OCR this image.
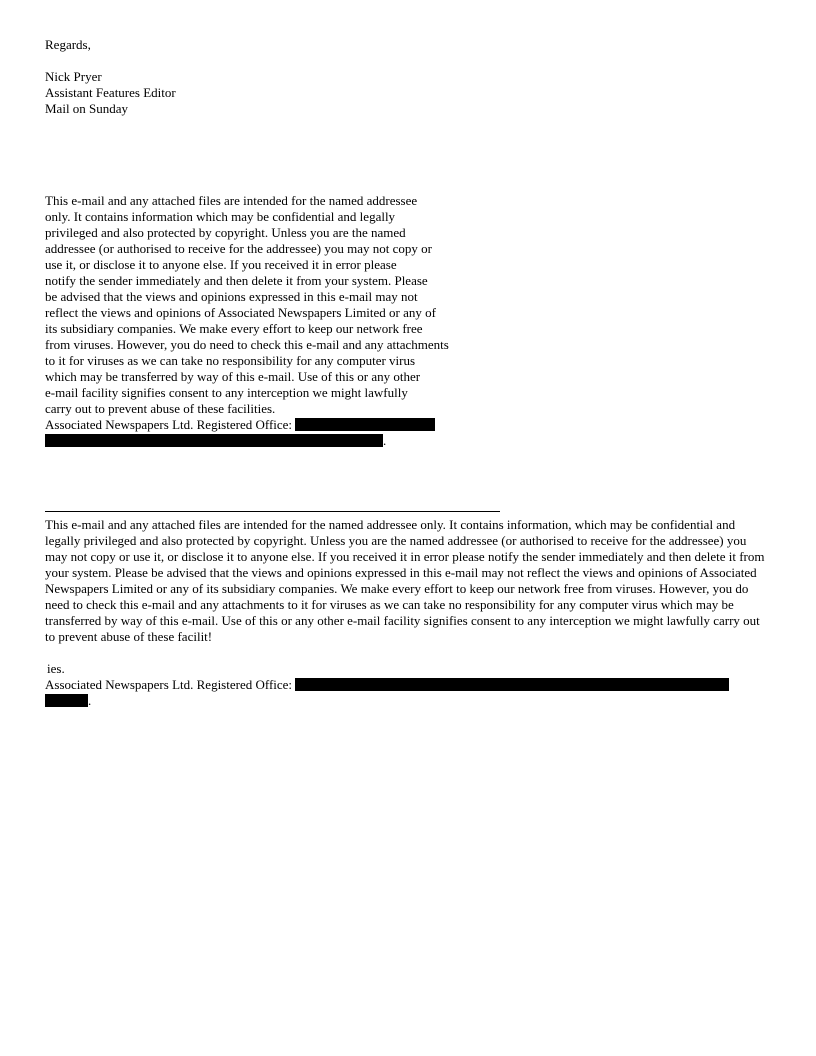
Regards,
Nick Pryer
Assistant Features Editor
Mail on Sunday
This e-mail and any attached files are intended for the named addressee
only. It contains information which may be confidential and legally
privileged and also protected by copyright. Unless you are the named
addressee (or authorised to receive for the addressee) you may not copy or
use it, or disclose it to anyone else. If you received it in error please
notify the sender immediately and then delete it from your system. Please
be advised that the views and opinions expressed in this e-mail may not
reflect the views and opinions of Associated Newspapers Limited or any of
its subsidiary companies. We make every effort to keep our network free
from viruses. However, you do need to check this e-mail and any attachments
to it for viruses as we can take no responsibility for any computer virus
which may be transferred by way of this e-mail. Use of this or any other
e-mail facility signifies consent to any interception we might lawfully
carry out to prevent abuse of these facilities.
Associated Newspapers Ltd. Registered Office:
.
This e-mail and any attached files are intended for the named addressee only. It contains information, which may be confidential and legally privileged and also protected by copyright. Unless you are the named addressee (or authorised to receive for the addressee) you may not copy or use it, or disclose it to anyone else. If you received it in error please notify the sender immediately and then delete it from your system. Please be advised that the views and opinions expressed in this e-mail may not reflect the views and opinions of Associated Newspapers Limited or any of its subsidiary companies. We make every effort to keep our network free from viruses. However, you do need to check this e-mail and any attachments to it for viruses as we can take no responsibility for any computer virus which may be transferred by way of this e-mail. Use of this or any other e-mail facility signifies consent to any interception we might lawfully carry out to prevent abuse of these facilit!
ies.
Associated Newspapers Ltd. Registered Office:
.
